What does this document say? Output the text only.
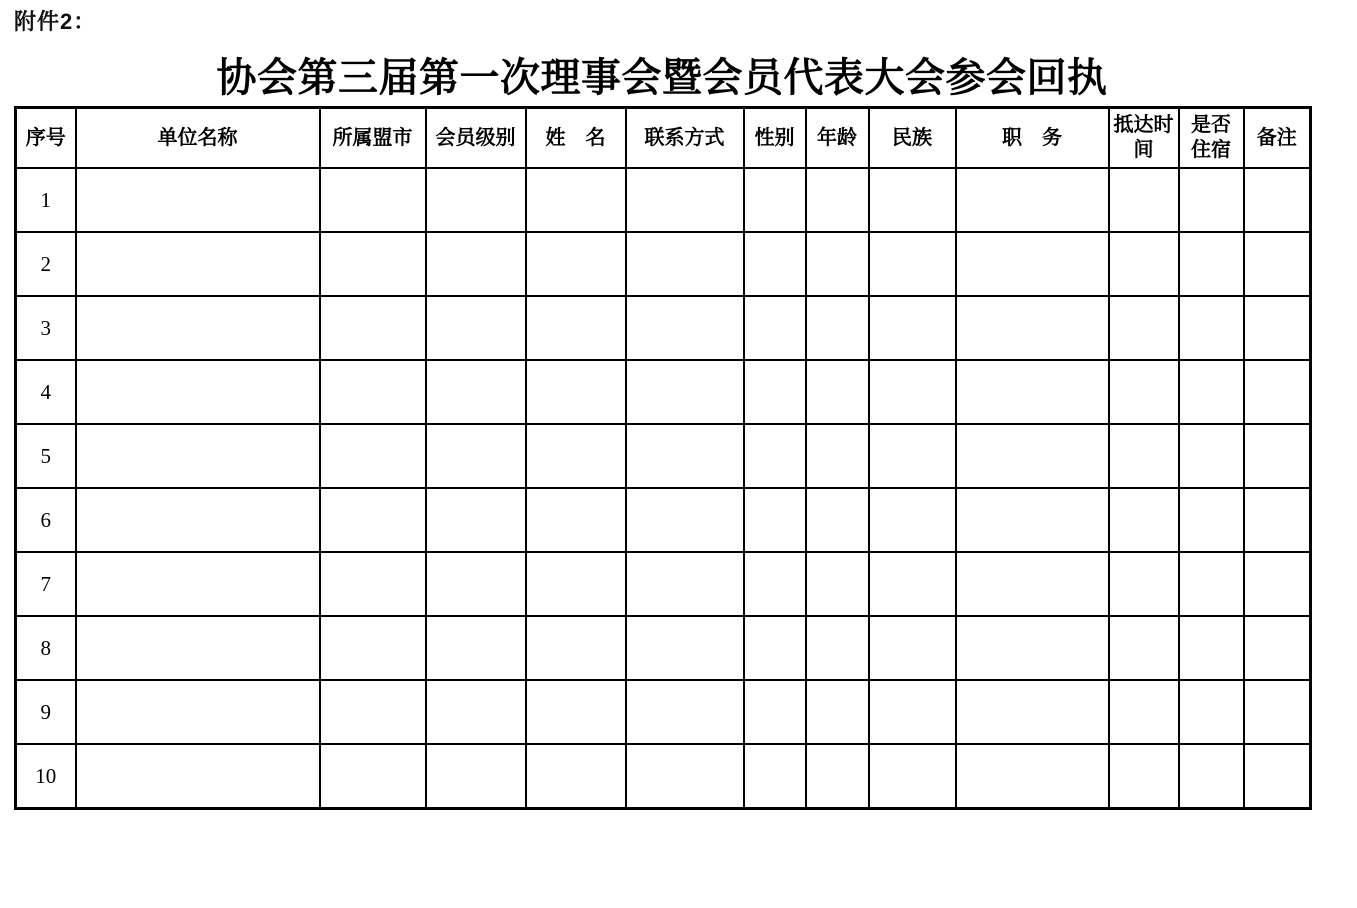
附件2：
协会第三届第一次理事会暨会员代表大会参会回执
序号	单位名称	所属盟市	会员级别	姓　名	联系方式	性别	年龄	民族	职　务	抵达时间	是否住宿	备注
1												
2												
3												
4												
5												
6												
7												
8												
9												
10												
